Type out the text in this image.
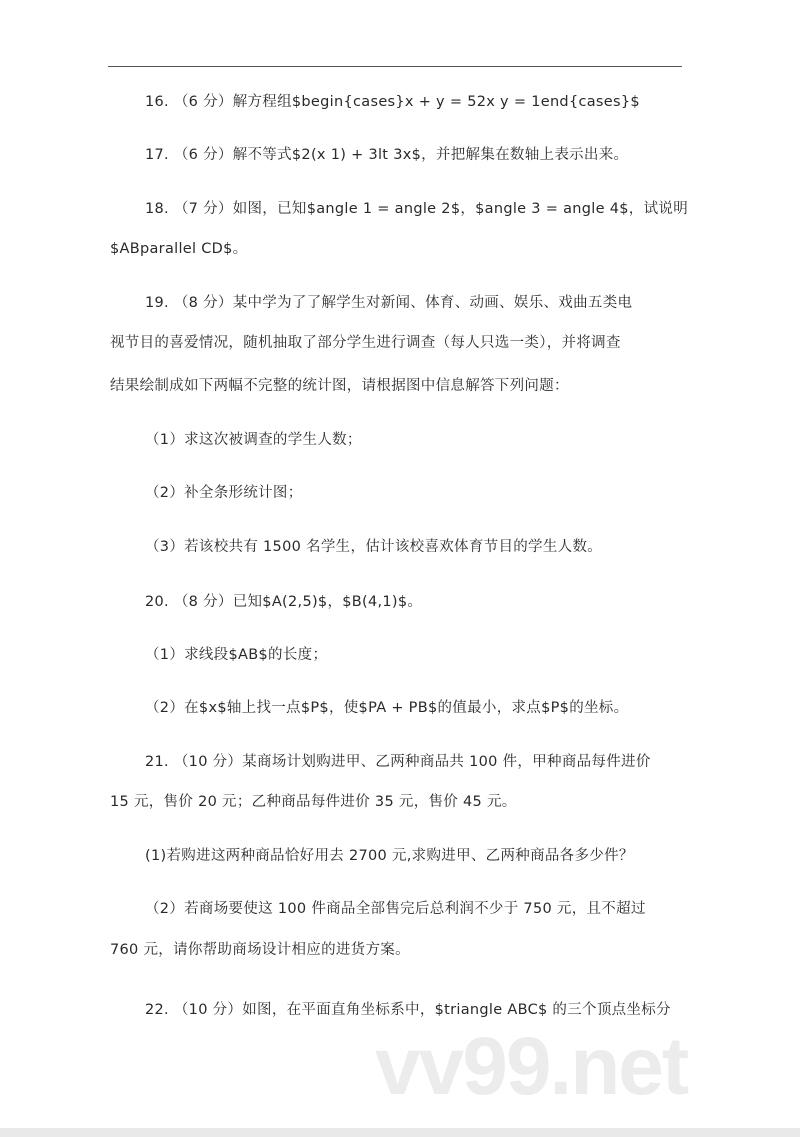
vv99.net
16. （6 分）解方程组$begin{cases}x + y = 52x y = 1end{cases}$
17. （6 分）解不等式$2(x 1) + 3lt 3x$，并把解集在数轴上表示出来。
18. （7 分）如图，已知$angle 1 = angle 2$，$angle 3 = angle 4$，试说明
$ABparallel CD$。
19. （8 分）某中学为了了解学生对新闻、体育、动画、娱乐、戏曲五类电
视节目的喜爱情况，随机抽取了部分学生进行调查（每人只选一类），并将调查
结果绘制成如下两幅不完整的统计图，请根据图中信息解答下列问题：
（1）求这次被调查的学生人数；
（2）补全条形统计图；
（3）若该校共有 1500 名学生，估计该校喜欢体育节目的学生人数。
20. （8 分）已知$A(2,5)$，$B(4,1)$。
（1）求线段$AB$的长度；
（2）在$x$轴上找一点$P$，使$PA + PB$的值最小，求点$P$的坐标。
21. （10 分）某商场计划购进甲、乙两种商品共 100 件，甲种商品每件进价
15 元，售价 20 元；乙种商品每件进价 35 元，售价 45 元。
(1)若购进这两种商品恰好用去 2700 元,求购进甲、乙两种商品各多少件？
（2）若商场要使这 100 件商品全部售完后总利润不少于 750 元，且不超过
760 元，请你帮助商场设计相应的进货方案。
22. （10 分）如图，在平面直角坐标系中，$triangle ABC$ 的三个顶点坐标分
